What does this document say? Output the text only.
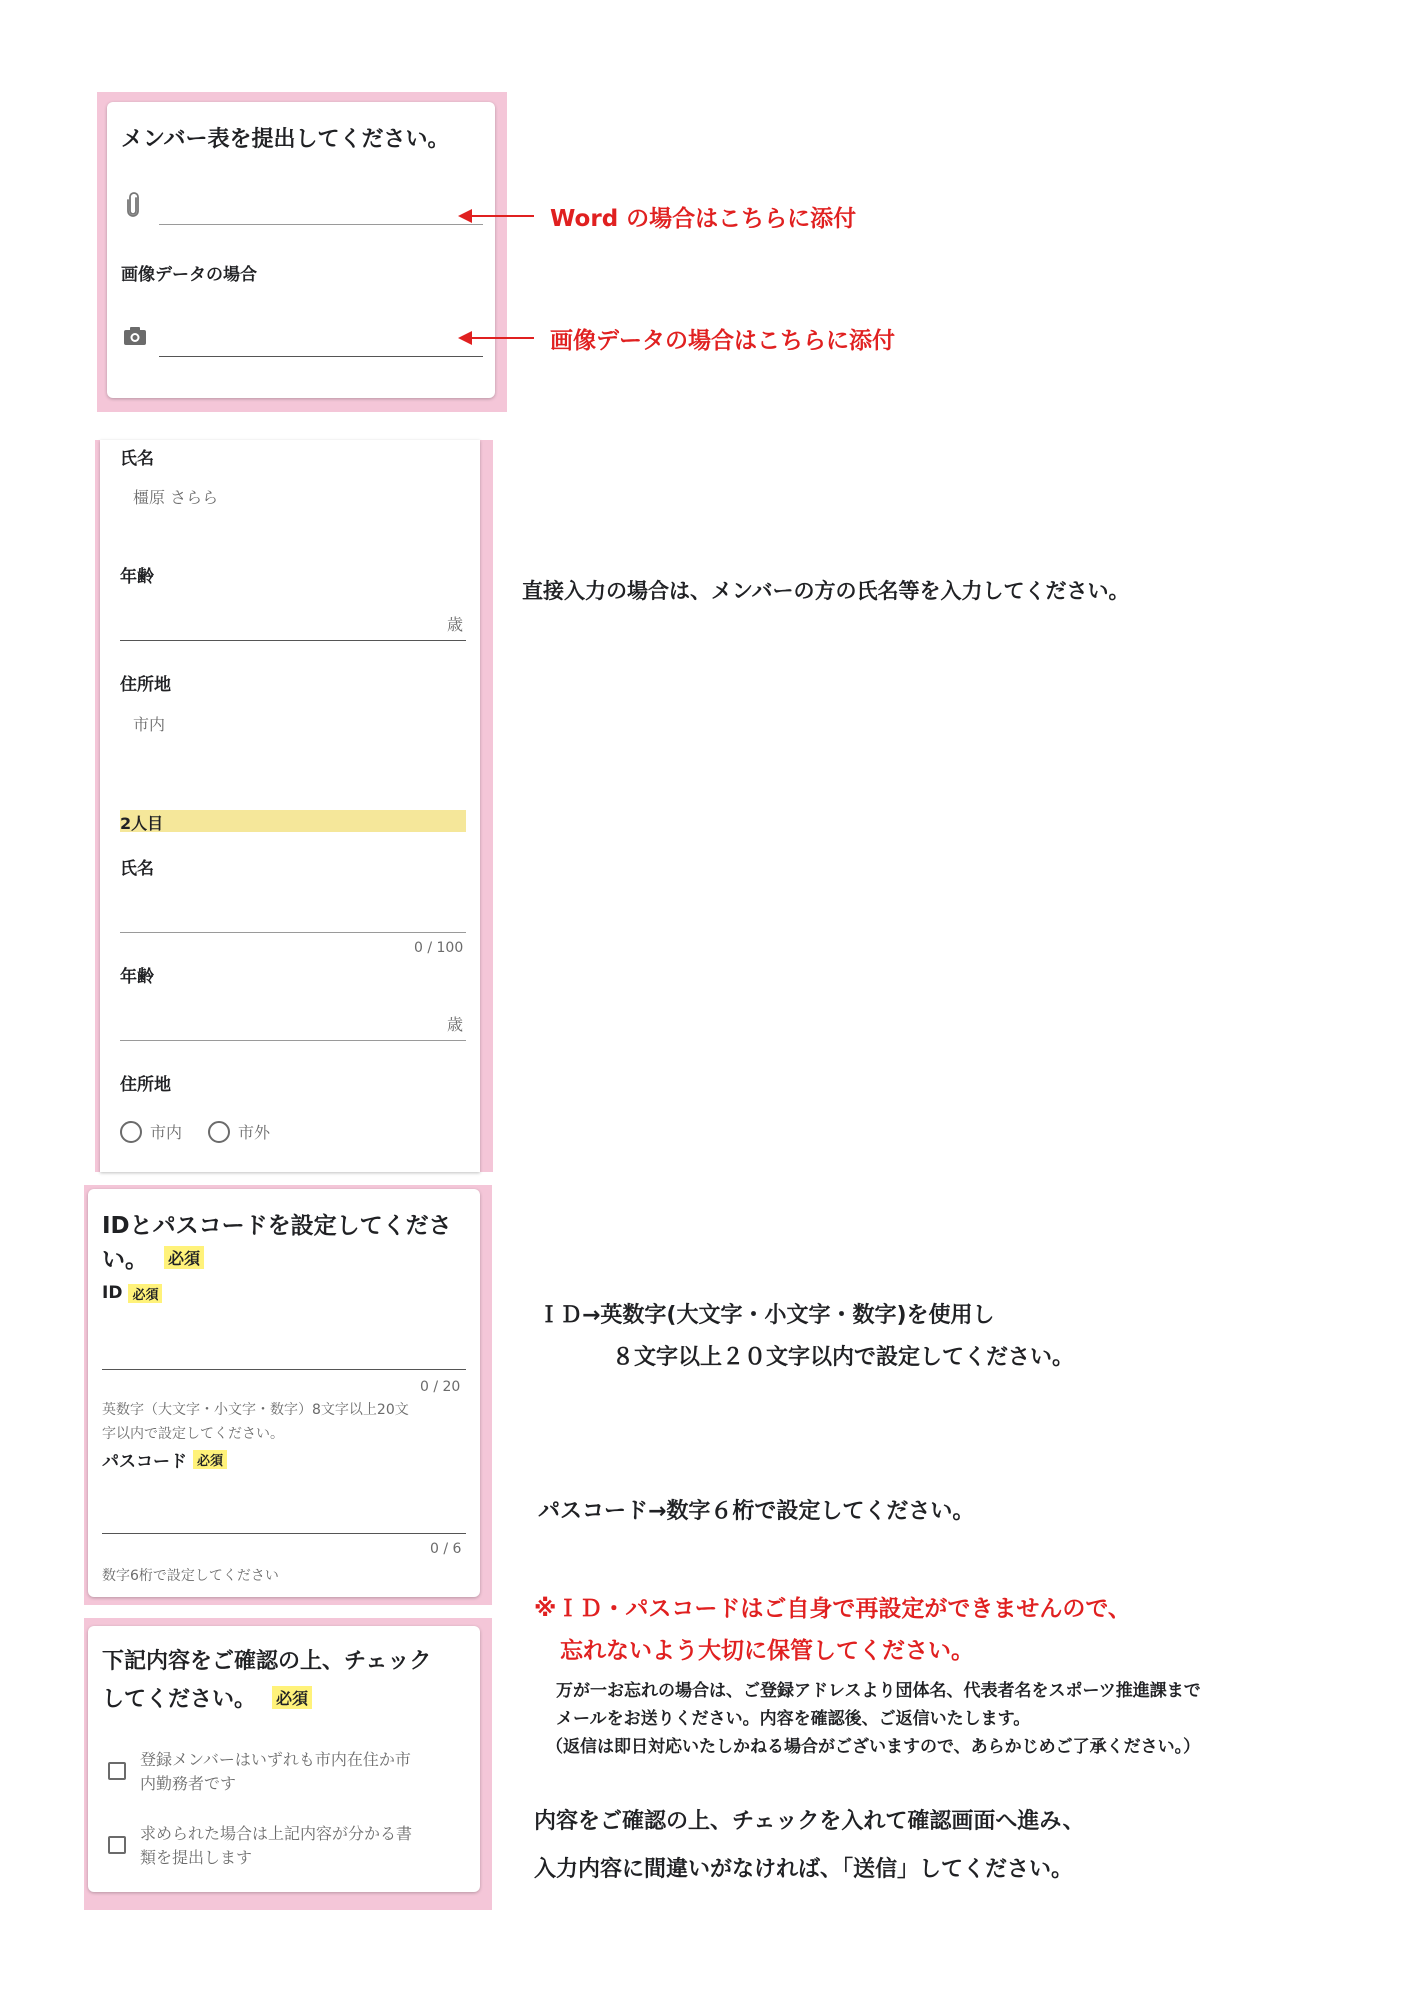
メンバー表を提出してください。
画像データの場合
Word の場合はこちらに添付
画像データの場合はこちらに添付
氏名
橿原 さらら
年齢
歳
住所地
市内
2人目
氏名
0 / 100
年齢
歳
住所地
市内	市外
直接入力の場合は、メンバーの方の氏名等を入力してください。
IDとパスコードを設定してくださ
い。 必須
ID 必須
0 / 20
英数字（大文字・小文字・数字）8文字以上20文
字以内で設定してください。
パスコード 必須
0 / 6
数字6桁で設定してください
ＩＤ→英数字(大文字・小文字・数字)を使用し
８文字以上２０文字以内で設定してください。
パスコード→数字６桁で設定してください。
※ＩＤ・パスコードはご自身で再設定ができませんので、
忘れないよう大切に保管してください。
万が一お忘れの場合は、ご登録アドレスより団体名、代表者名をスポーツ推進課まで
メールをお送りください。内容を確認後、ご返信いたします。
（返信は即日対応いたしかねる場合がございますので、あらかじめご了承ください。）
下記内容をご確認の上、チェック
してください。 必須
登録メンバーはいずれも市内在住か市
内勤務者です
求められた場合は上記内容が分かる書
類を提出します
内容をご確認の上、チェックを入れて確認画面へ進み、
入力内容に間違いがなければ、「送信」してください。
